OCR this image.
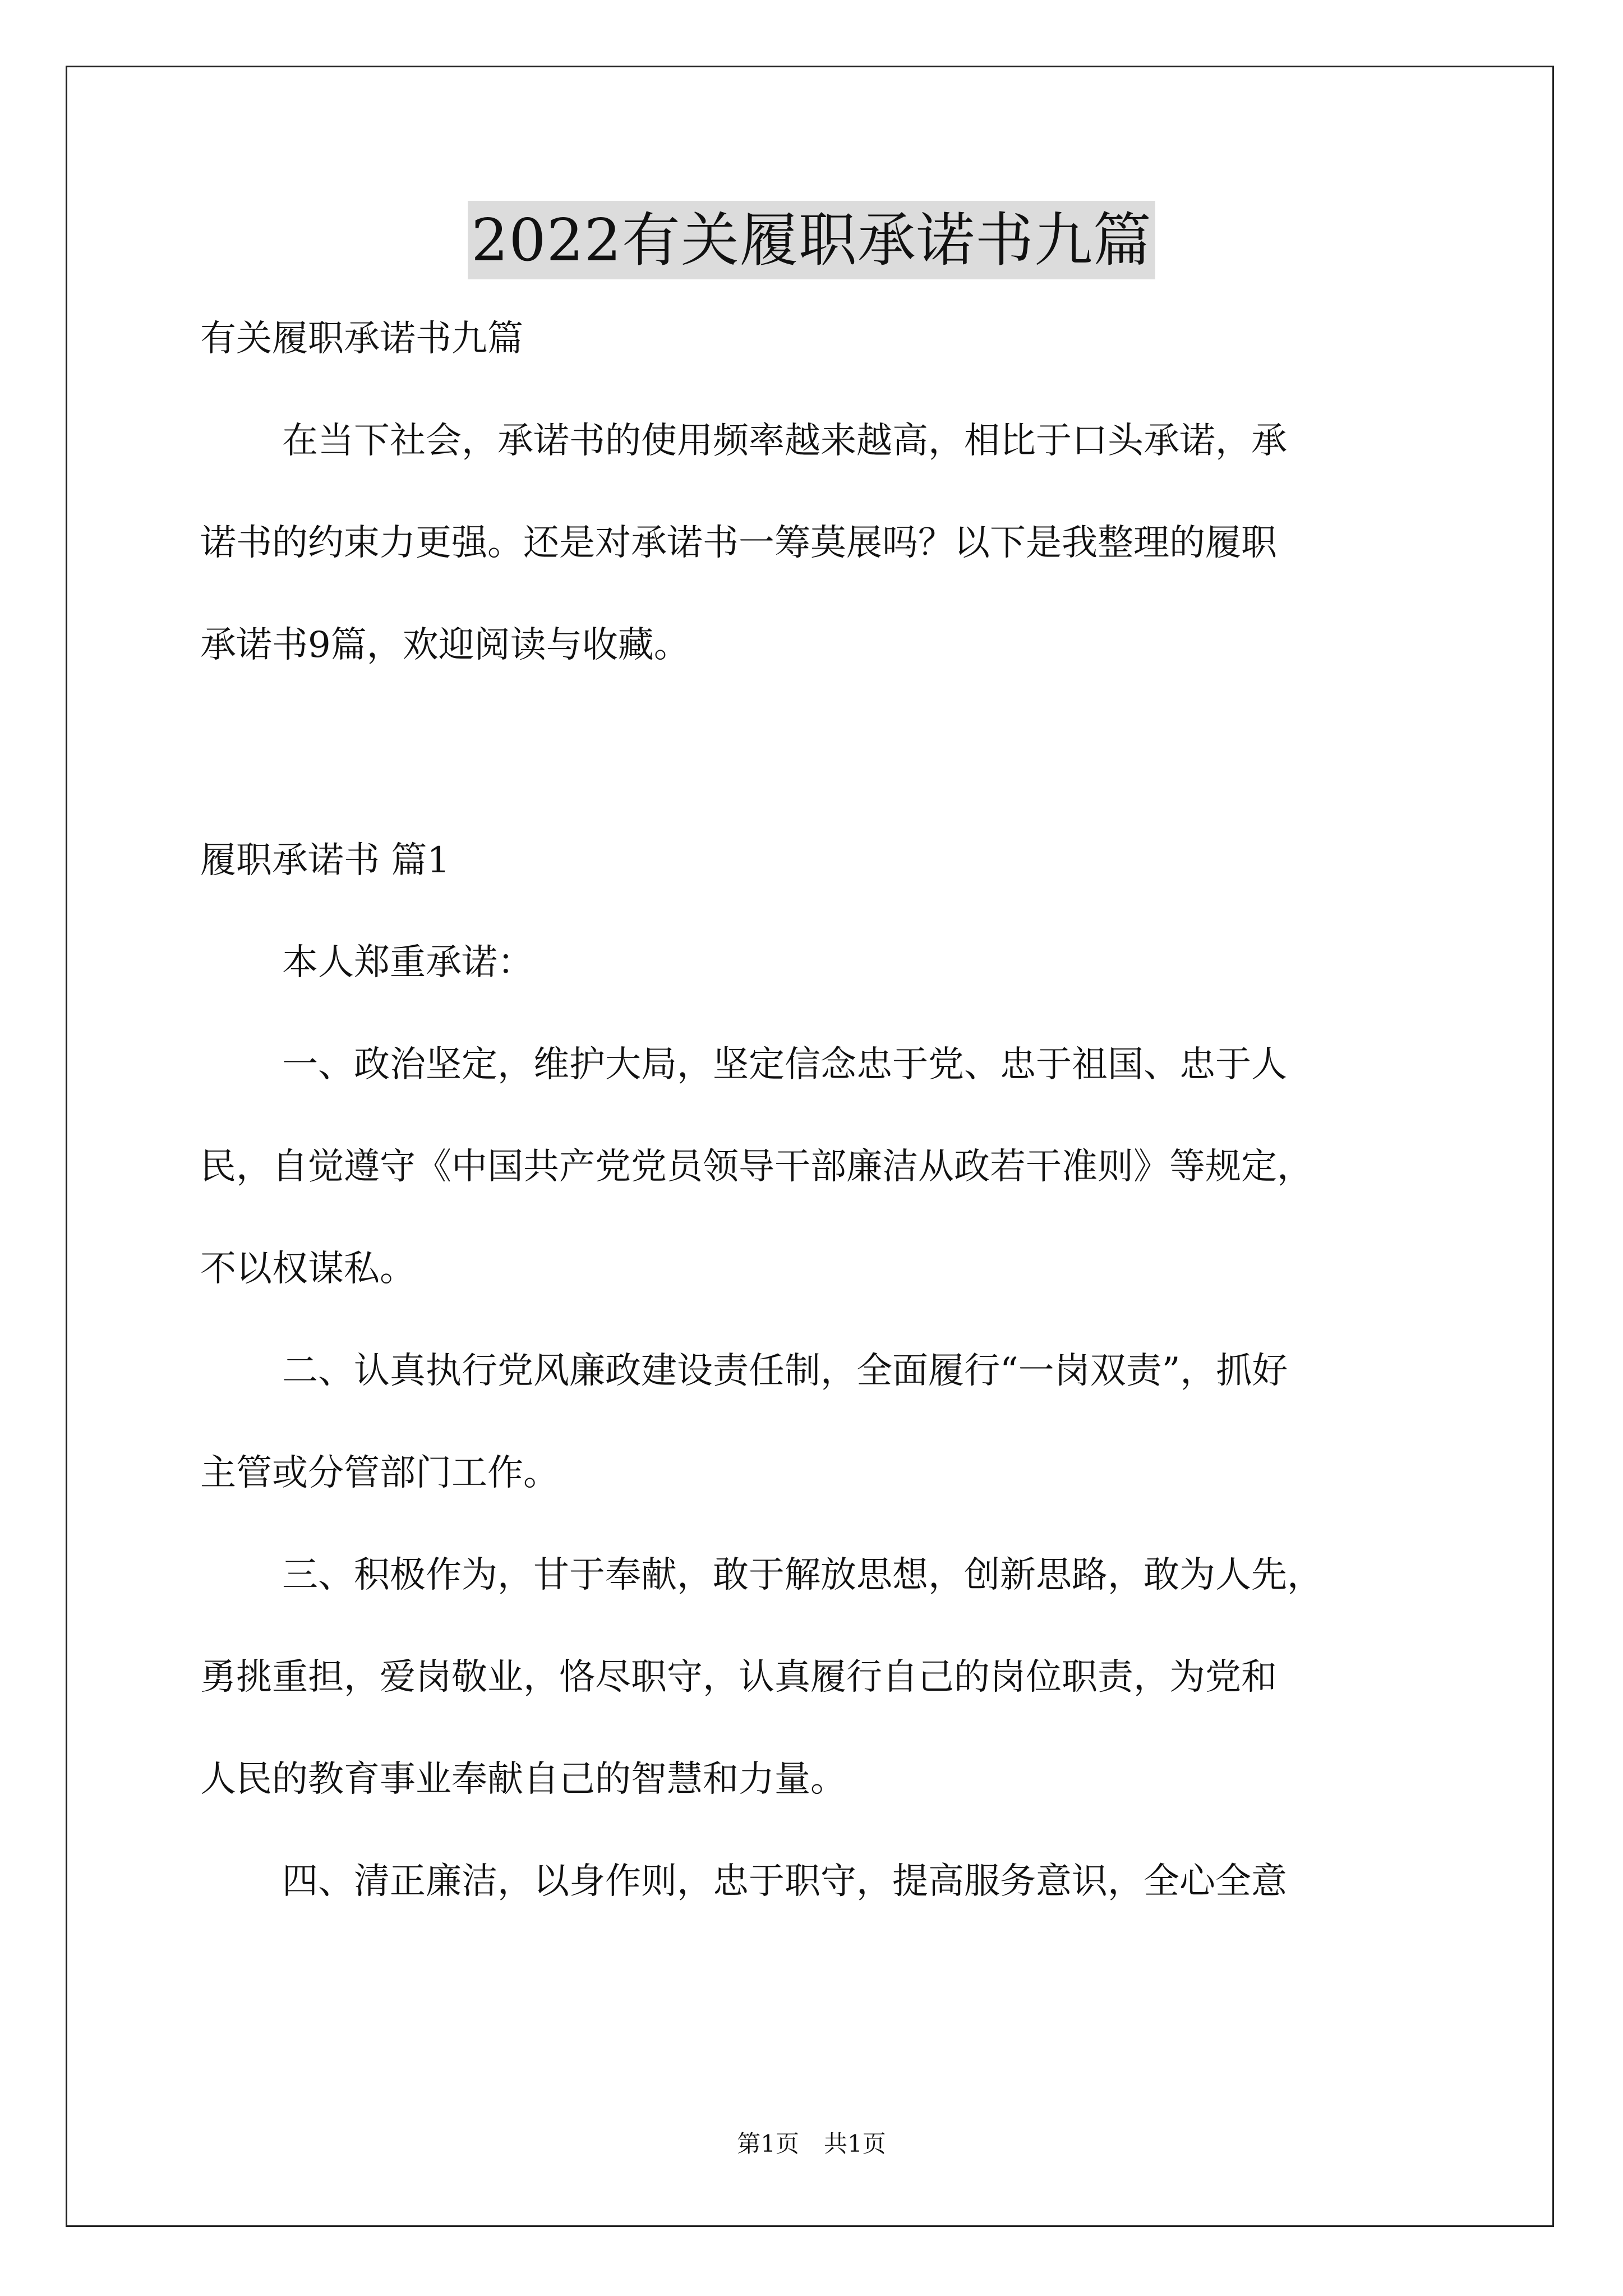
2022有关履职承诺书九篇

有关履职承诺书九篇

在当下社会，承诺书的使用频率越来越高，相比于口头承诺，承

诺书的约束力更强。还是对承诺书一筹莫展吗？以下是我整理的履职

承诺书9篇，欢迎阅读与收藏。

履职承诺书 篇1

本人郑重承诺：

一、政治坚定，维护大局，坚定信念忠于党、忠于祖国、忠于人

民，自觉遵守《中国共产党党员领导干部廉洁从政若干准则》等规定，

不以权谋私。

二、认真执行党风廉政建设责任制，全面履行“一岗双责”，抓好

主管或分管部门工作。

三、积极作为，甘于奉献，敢于解放思想，创新思路，敢为人先，

勇挑重担，爱岗敬业，恪尽职守，认真履行自己的岗位职责，为党和

人民的教育事业奉献自己的智慧和力量。

四、清正廉洁，以身作则，忠于职守，提高服务意识，全心全意

第1页 共1页
